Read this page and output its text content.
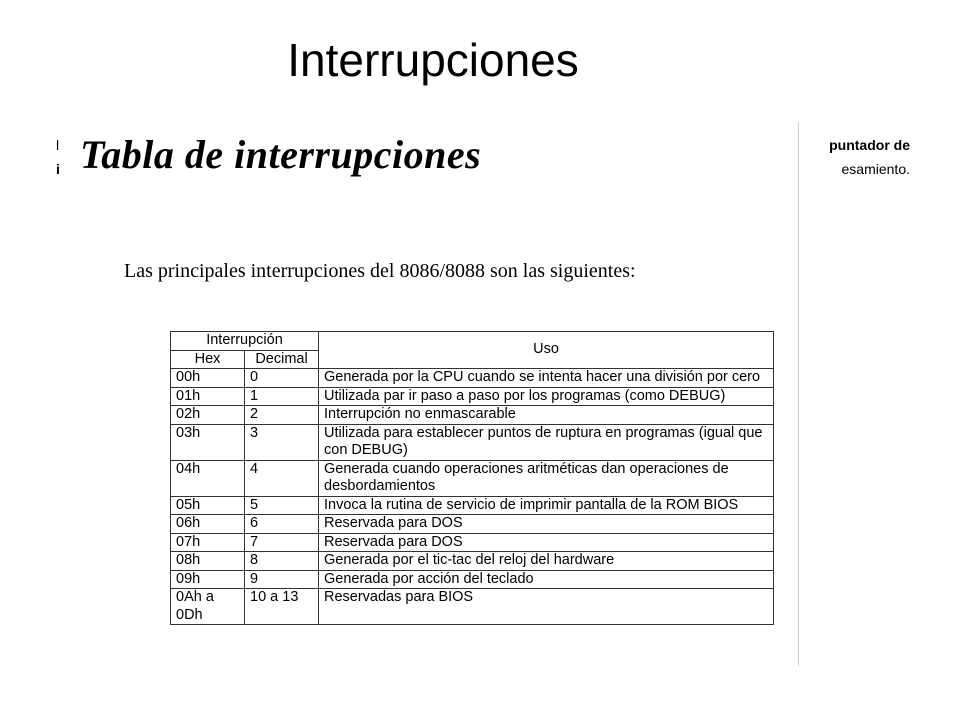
Interrupciones
l	puntador de
i	esamiento.
Tabla de interrupciones
Las principales interrupciones del 8086/8088 son las siguientes:
Interrupción		Uso
Hex	Decimal	
00h	0	Generada por la CPU cuando se intenta hacer una división por cero
01h	1	Utilizada par ir paso a paso por los programas (como DEBUG)
02h	2	Interrupción no enmascarable
03h	3	Utilizada para establecer puntos de ruptura en programas (igual que con DEBUG)
04h	4	Generada cuando operaciones aritméticas dan operaciones de desbordamientos
05h	5	Invoca la rutina de servicio de imprimir pantalla de la ROM BIOS
06h	6	Reservada para DOS
07h	7	Reservada para DOS
08h	8	Generada por el tic-tac del reloj del hardware
09h	9	Generada por acción del teclado
0Ah a 0Dh	10 a 13	Reservadas para BIOS
